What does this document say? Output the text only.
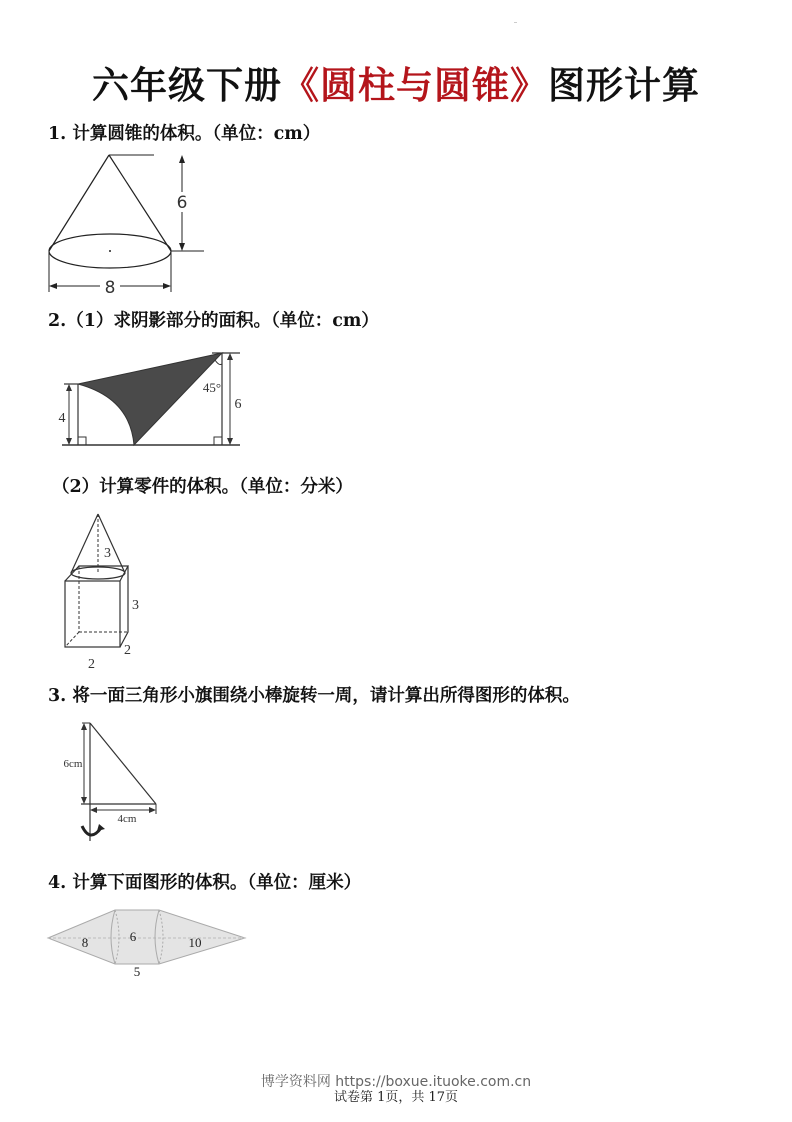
六年级下册《圆柱与圆锥》图形计算
1. 计算圆锥的体积。（单位：cm）
6
8
2.（1）求阴影部分的面积。（单位：cm）
4
6
45°
（2）计算零件的体积。（单位：分米）
3
3
2
2
3. 将一面三角形小旗围绕小棒旋转一周，请计算出所得图形的体积。
6cm
4cm
4. 计算下面图形的体积。（单位：厘米）
8	6	10
5
博学资料网 https://boxue.ituoke.com.cn
试卷第 1页，共 17页
